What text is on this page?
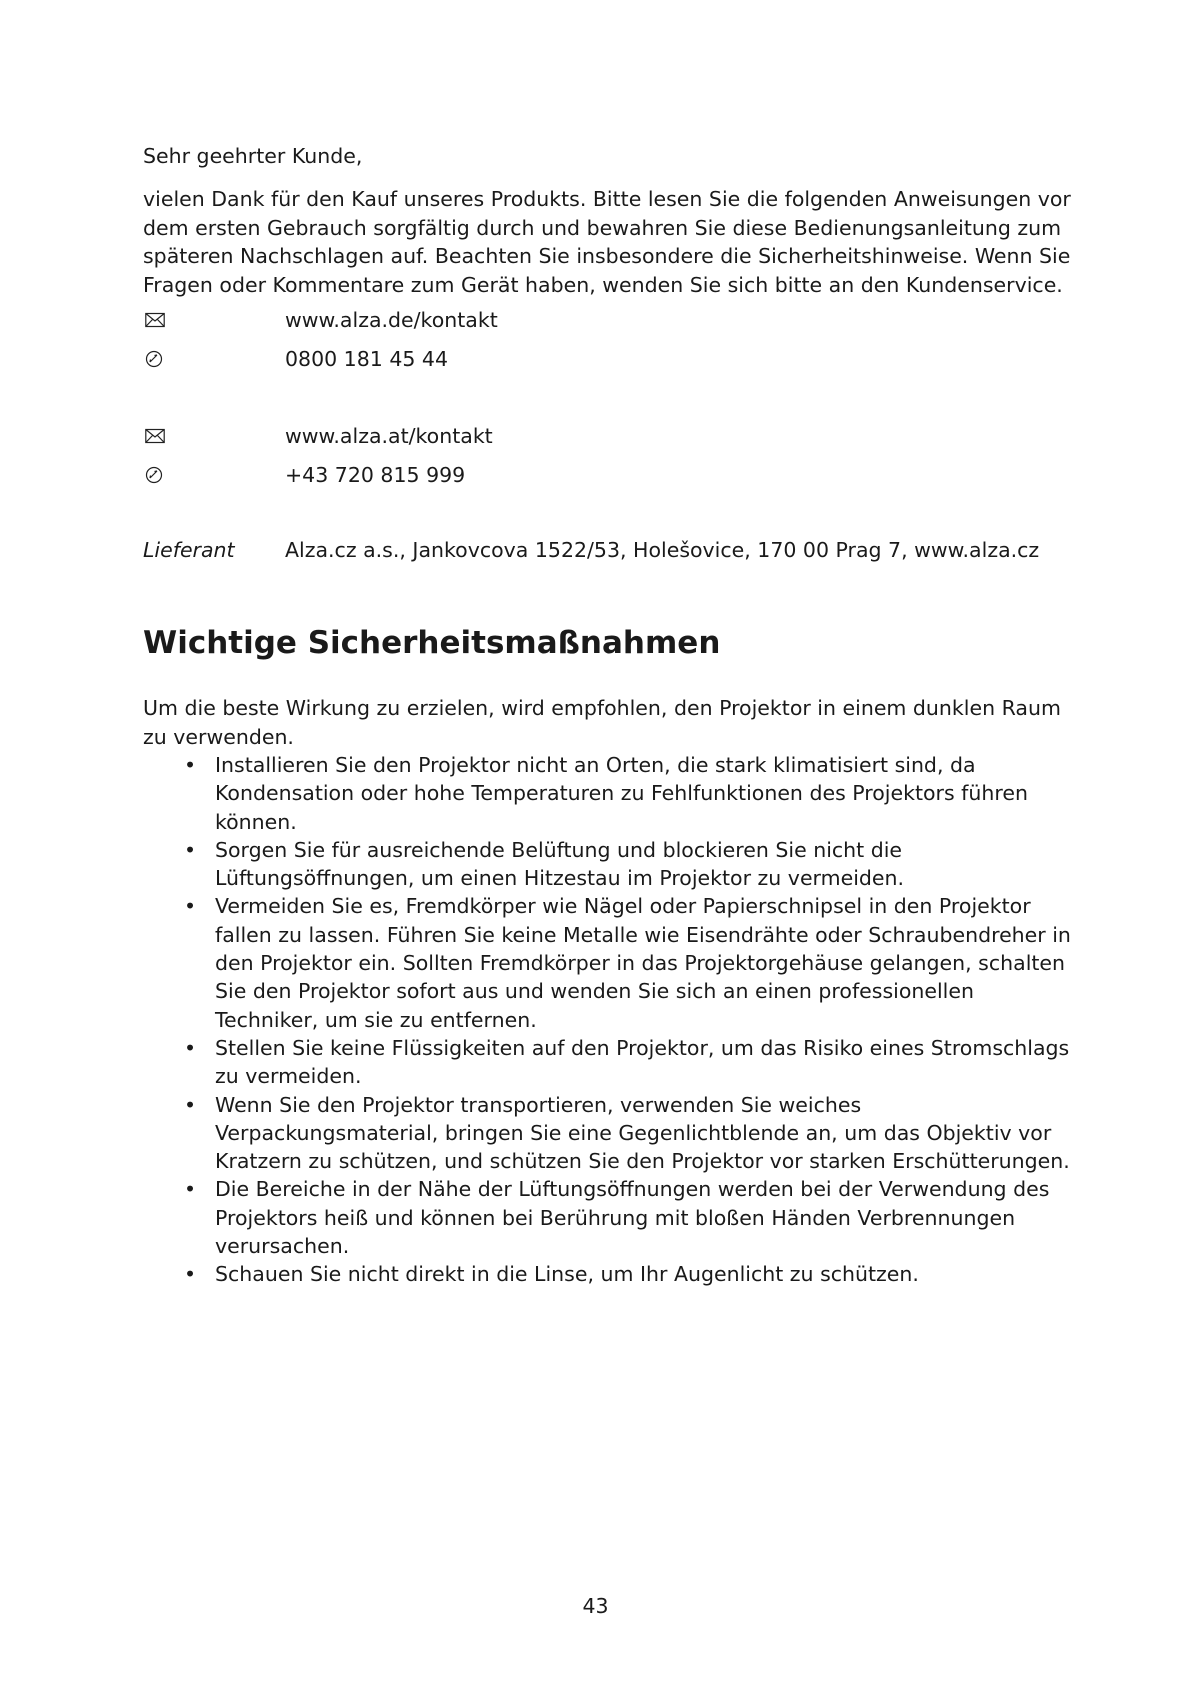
Sehr geehrter Kunde,
vielen Dank für den Kauf unseres Produkts. Bitte lesen Sie die folgenden Anweisungen vor
dem ersten Gebrauch sorgfältig durch und bewahren Sie diese Bedienungsanleitung zum
späteren Nachschlagen auf. Beachten Sie insbesondere die Sicherheitshinweise. Wenn Sie
Fragen oder Kommentare zum Gerät haben, wenden Sie sich bitte an den Kundenservice.
www.alza.de/kontakt
0800 181 45 44
www.alza.at/kontakt
+43 720 815 999
Lieferant Alza.cz a.s., Jankovcova 1522/53, Holešovice, 170 00 Prag 7, www.alza.cz
Wichtige Sicherheitsmaßnahmen
Um die beste Wirkung zu erzielen, wird empfohlen, den Projektor in einem dunklen Raum
zu verwenden.
• Installieren Sie den Projektor nicht an Orten, die stark klimatisiert sind, da
Kondensation oder hohe Temperaturen zu Fehlfunktionen des Projektors führen
können.
• Sorgen Sie für ausreichende Belüftung und blockieren Sie nicht die
Lüftungsöffnungen, um einen Hitzestau im Projektor zu vermeiden.
• Vermeiden Sie es, Fremdkörper wie Nägel oder Papierschnipsel in den Projektor
fallen zu lassen. Führen Sie keine Metalle wie Eisendrähte oder Schraubendreher in
den Projektor ein. Sollten Fremdkörper in das Projektorgehäuse gelangen, schalten
Sie den Projektor sofort aus und wenden Sie sich an einen professionellen
Techniker, um sie zu entfernen.
• Stellen Sie keine Flüssigkeiten auf den Projektor, um das Risiko eines Stromschlags
zu vermeiden.
• Wenn Sie den Projektor transportieren, verwenden Sie weiches
Verpackungsmaterial, bringen Sie eine Gegenlichtblende an, um das Objektiv vor
Kratzern zu schützen, und schützen Sie den Projektor vor starken Erschütterungen.
• Die Bereiche in der Nähe der Lüftungsöffnungen werden bei der Verwendung des
Projektors heiß und können bei Berührung mit bloßen Händen Verbrennungen
verursachen.
• Schauen Sie nicht direkt in die Linse, um Ihr Augenlicht zu schützen.
43
